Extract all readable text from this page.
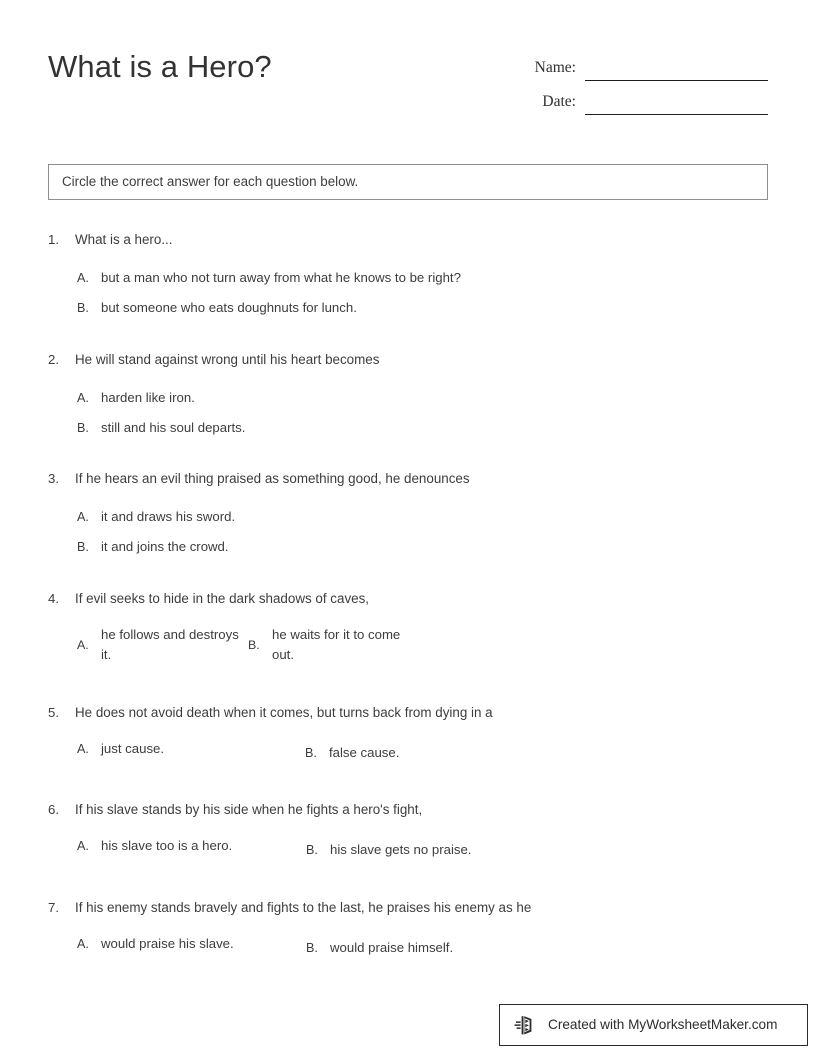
What is a Hero?	Name:
Date:
Circle the correct answer for each question below.
1.	What is a hero...
A. but a man who not turn away from what he knows to be right?
B. but someone who eats doughnuts for lunch.
2.	He will stand against wrong until his heart becomes
A. harden like iron.
B. still and his soul departs.
3.	If he hears an evil thing praised as something good, he denounces
A. it and draws his sword.
B. it and joins the crowd.
4.	If evil seeks to hide in the dark shadows of caves,
A.
he follows and destroys it.
B.
he waits for it to come out.
5.	He does not avoid death when it comes, but turns back from dying in a
A. just cause.	B. false cause.
6.	If his slave stands by his side when he fights a hero's fight,
A. his slave too is a hero.	B. his slave gets no praise.
7.	If his enemy stands bravely and fights to the last, he praises his enemy as he
A. would praise his slave.	B. would praise himself.
Created with MyWorksheetMaker.com
